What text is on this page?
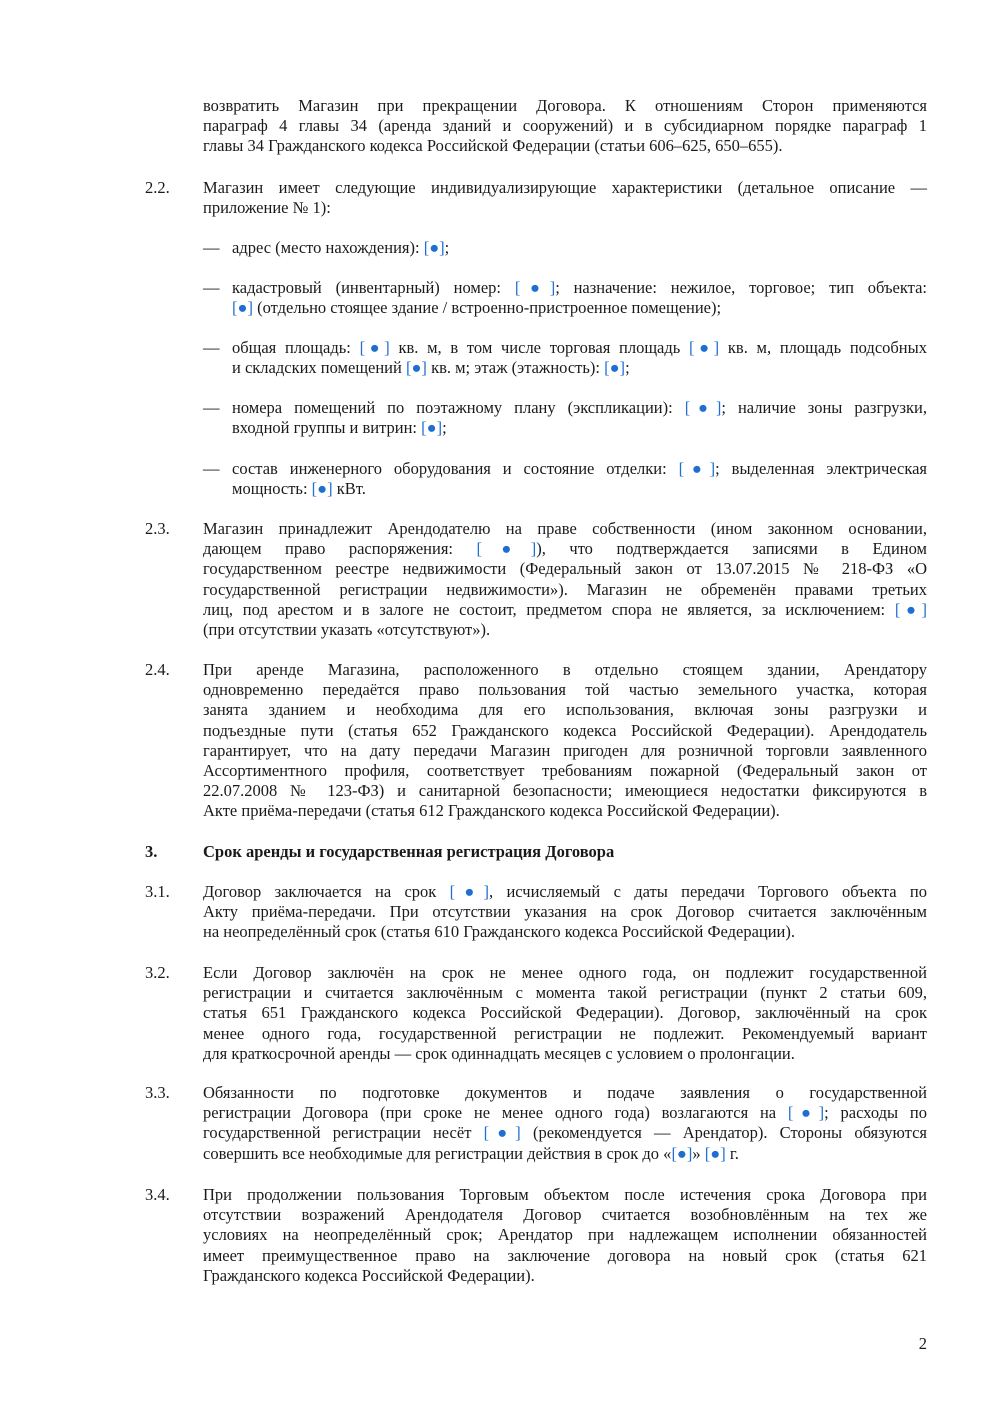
возвратить Магазин при прекращении Договора. К отношениям Сторон применяются
параграф 4 главы 34 (аренда зданий и сооружений) и в субсидиарном порядке параграф 1
главы 34 Гражданского кодекса Российской Федерации (статьи 606–625, 650–655).
2.2. Магазин имеет следующие индивидуализирующие характеристики (детальное описание —
приложение № 1):
— адрес (место нахождения): [●];
— кадастровый (инвентарный) номер: [●]; назначение: нежилое, торговое; тип объекта:
[●] (отдельно стоящее здание / встроенно-пристроенное помещение);
— общая площадь: [●] кв. м, в том числе торговая площадь [●] кв. м, площадь подсобных
и складских помещений [●] кв. м; этаж (этажность): [●];
— номера помещений по поэтажному плану (экспликации): [●]; наличие зоны разгрузки,
входной группы и витрин: [●];
— состав инженерного оборудования и состояние отделки: [●]; выделенная электрическая
мощность: [●] кВт.
2.3. Магазин принадлежит Арендодателю на праве собственности (ином законном основании,
дающем право распоряжения: [●]), что подтверждается записями в Едином
государственном реестре недвижимости (Федеральный закон от 13.07.2015 № 218-ФЗ «О
государственной регистрации недвижимости»). Магазин не обременён правами третьих
лиц, под арестом и в залоге не состоит, предметом спора не является, за исключением: [●]
(при отсутствии указать «отсутствуют»).
2.4. При аренде Магазина, расположенного в отдельно стоящем здании, Арендатору
одновременно передаётся право пользования той частью земельного участка, которая
занята зданием и необходима для его использования, включая зоны разгрузки и
подъездные пути (статья 652 Гражданского кодекса Российской Федерации). Арендодатель
гарантирует, что на дату передачи Магазин пригоден для розничной торговли заявленного
Ассортиментного профиля, соответствует требованиям пожарной (Федеральный закон от
22.07.2008 № 123-ФЗ) и санитарной безопасности; имеющиеся недостатки фиксируются в
Акте приёма-передачи (статья 612 Гражданского кодекса Российской Федерации).
3.	Срок аренды и государственная регистрация Договора
3.1. Договор заключается на срок [●], исчисляемый с даты передачи Торгового объекта по
Акту приёма-передачи. При отсутствии указания на срок Договор считается заключённым
на неопределённый срок (статья 610 Гражданского кодекса Российской Федерации).
3.2. Если Договор заключён на срок не менее одного года, он подлежит государственной
регистрации и считается заключённым с момента такой регистрации (пункт 2 статьи 609,
статья 651 Гражданского кодекса Российской Федерации). Договор, заключённый на срок
менее одного года, государственной регистрации не подлежит. Рекомендуемый вариант
для краткосрочной аренды — срок одиннадцать месяцев с условием о пролонгации.
3.3. Обязанности по подготовке документов и подаче заявления о государственной
регистрации Договора (при сроке не менее одного года) возлагаются на [●]; расходы по
государственной регистрации несёт [●] (рекомендуется — Арендатор). Стороны обязуются
совершить все необходимые для регистрации действия в срок до «[●]» [●] г.
3.4. При продолжении пользования Торговым объектом после истечения срока Договора при
отсутствии возражений Арендодателя Договор считается возобновлённым на тех же
условиях на неопределённый срок; Арендатор при надлежащем исполнении обязанностей
имеет преимущественное право на заключение договора на новый срок (статья 621
Гражданского кодекса Российской Федерации).
2
